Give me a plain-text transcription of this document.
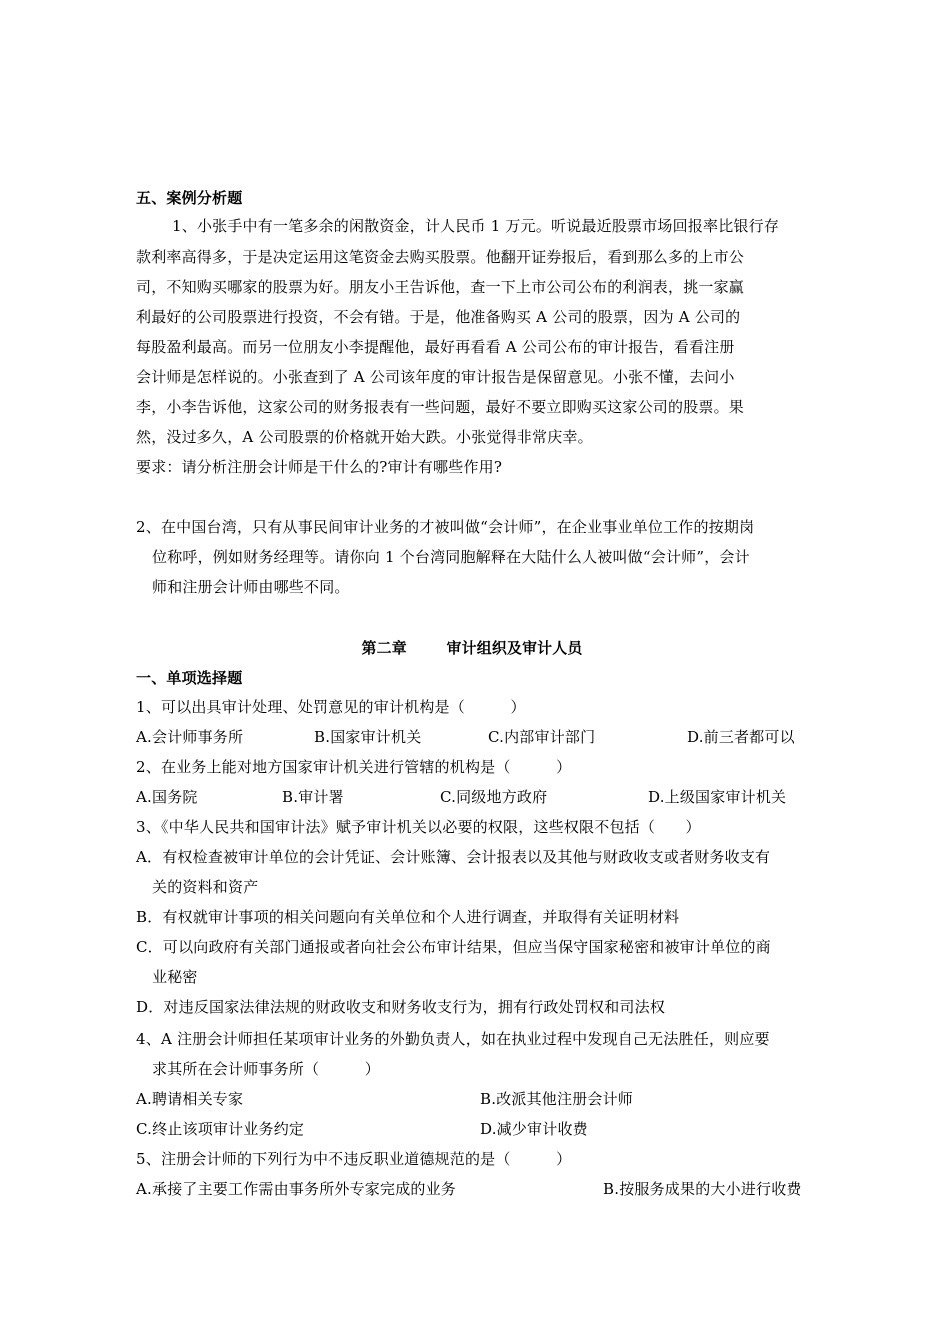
五、案例分析题
1、小张手中有一笔多余的闲散资金，计人民币 1 万元。听说最近股票市场回报率比银行存
款利率高得多，于是决定运用这笔资金去购买股票。他翻开证券报后，看到那么多的上市公
司，不知购买哪家的股票为好。朋友小王告诉他，查一下上市公司公布的利润表，挑一家赢
利最好的公司股票进行投资，不会有错。于是，他准备购买 A 公司的股票，因为 A 公司的
每股盈利最高。而另一位朋友小李提醒他，最好再看看 A 公司公布的审计报告，看看注册
会计师是怎样说的。小张查到了 A 公司该年度的审计报告是保留意见。小张不懂，去问小
李，小李告诉他，这家公司的财务报表有一些问题，最好不要立即购买这家公司的股票。果
然，没过多久，A 公司股票的价格就开始大跌。小张觉得非常庆幸。
要求：请分析注册会计师是干什么的?审计有哪些作用?
2、在中国台湾，只有从事民间审计业务的才被叫做“会计师”，在企业事业单位工作的按期岗
位称呼，例如财务经理等。请你向 1 个台湾同胞解释在大陆什么人被叫做“会计师”，会计
师和注册会计师由哪些不同。
第二章	审计组织及审计人员
一、单项选择题
1、可以出具审计处理、处罚意见的审计机构是（　　　）
A.会计师事务所	B.国家审计机关	C.内部审计部门	D.前三者都可以
2、在业务上能对地方国家审计机关进行管辖的机构是（　　　）
A.国务院	B.审计署	C.同级地方政府	D.上级国家审计机关
3、《中华人民共和国审计法》赋予审计机关以必要的权限，这些权限不包括（　　）
A．有权检查被审计单位的会计凭证、会计账簿、会计报表以及其他与财政收支或者财务收支有
关的资料和资产
B．有权就审计事项的相关问题向有关单位和个人进行调查，并取得有关证明材料
C．可以向政府有关部门通报或者向社会公布审计结果，但应当保守国家秘密和被审计单位的商
业秘密
D．对违反国家法律法规的财政收支和财务收支行为，拥有行政处罚权和司法权
4、A 注册会计师担任某项审计业务的外勤负责人，如在执业过程中发现自己无法胜任，则应要
求其所在会计师事务所（　　　）
A.聘请相关专家	B.改派其他注册会计师
C.终止该项审计业务约定	D.减少审计收费
5、注册会计师的下列行为中不违反职业道德规范的是（　　　）
A.承接了主要工作需由事务所外专家完成的业务	B.按服务成果的大小进行收费
